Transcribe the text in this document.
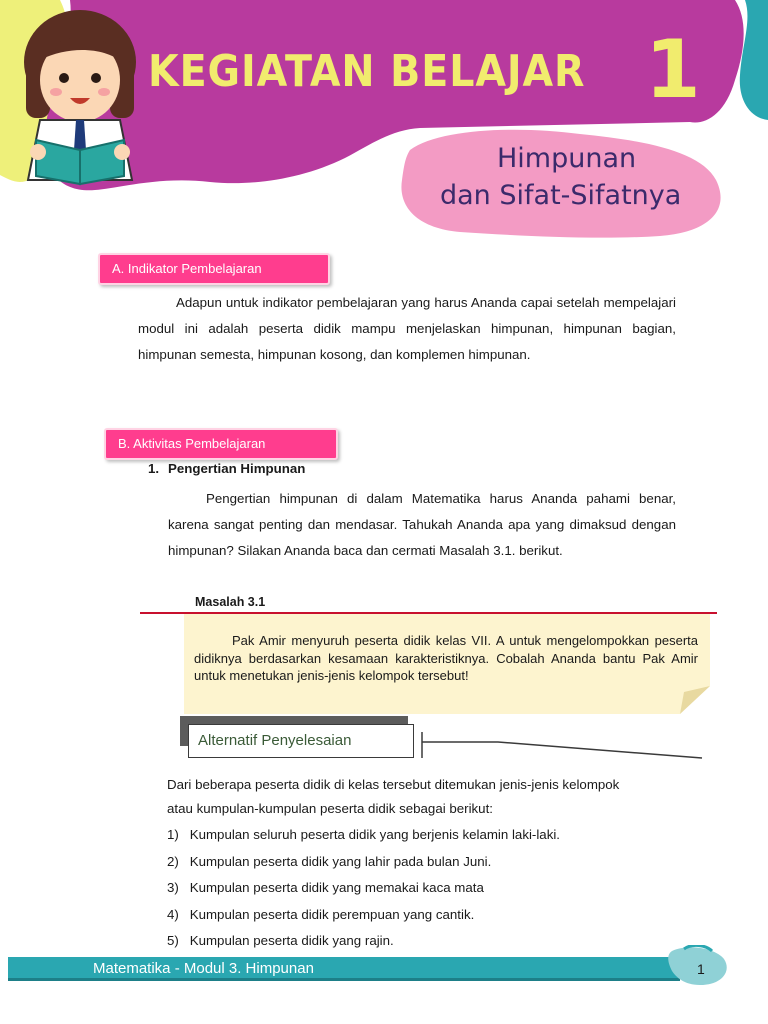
KEGIATAN BELAJAR 1
Himpunan
dan Sifat-Sifatnya
A. Indikator Pembelajaran

Adapun untuk indikator pembelajaran yang harus Ananda capai setelah mempelajari modul ini adalah peserta didik mampu menjelaskan himpunan, himpunan bagian, himpunan semesta, himpunan kosong, dan komplemen himpunan.

B. Aktivitas Pembelajaran
1. Pengertian Himpunan

Pengertian himpunan di dalam Matematika harus Ananda pahami benar, karena sangat penting dan mendasar. Tahukah Ananda apa yang dimaksud dengan himpunan? Silakan Ananda baca dan cermati Masalah 3.1. berikut.

Masalah 3.1

Pak Amir menyuruh peserta didik kelas VII. A untuk mengelompokkan peserta didiknya berdasarkan kesamaan karakteristiknya. Cobalah Ananda bantu Pak Amir untuk menetukan jenis-jenis kelompok tersebut!

Alternatif Penyelesaian
Dari beberapa peserta didik di kelas tersebut ditemukan jenis-jenis kelompok
atau kumpulan-kumpulan peserta didik sebagai berikut:
1) Kumpulan seluruh peserta didik yang berjenis kelamin laki-laki.
2) Kumpulan peserta didik yang lahir pada bulan Juni.
3) Kumpulan peserta didik yang memakai kaca mata
4) Kumpulan peserta didik perempuan yang cantik.
5) Kumpulan peserta didik yang rajin.
Matematika - Modul 3. Himpunan	1
